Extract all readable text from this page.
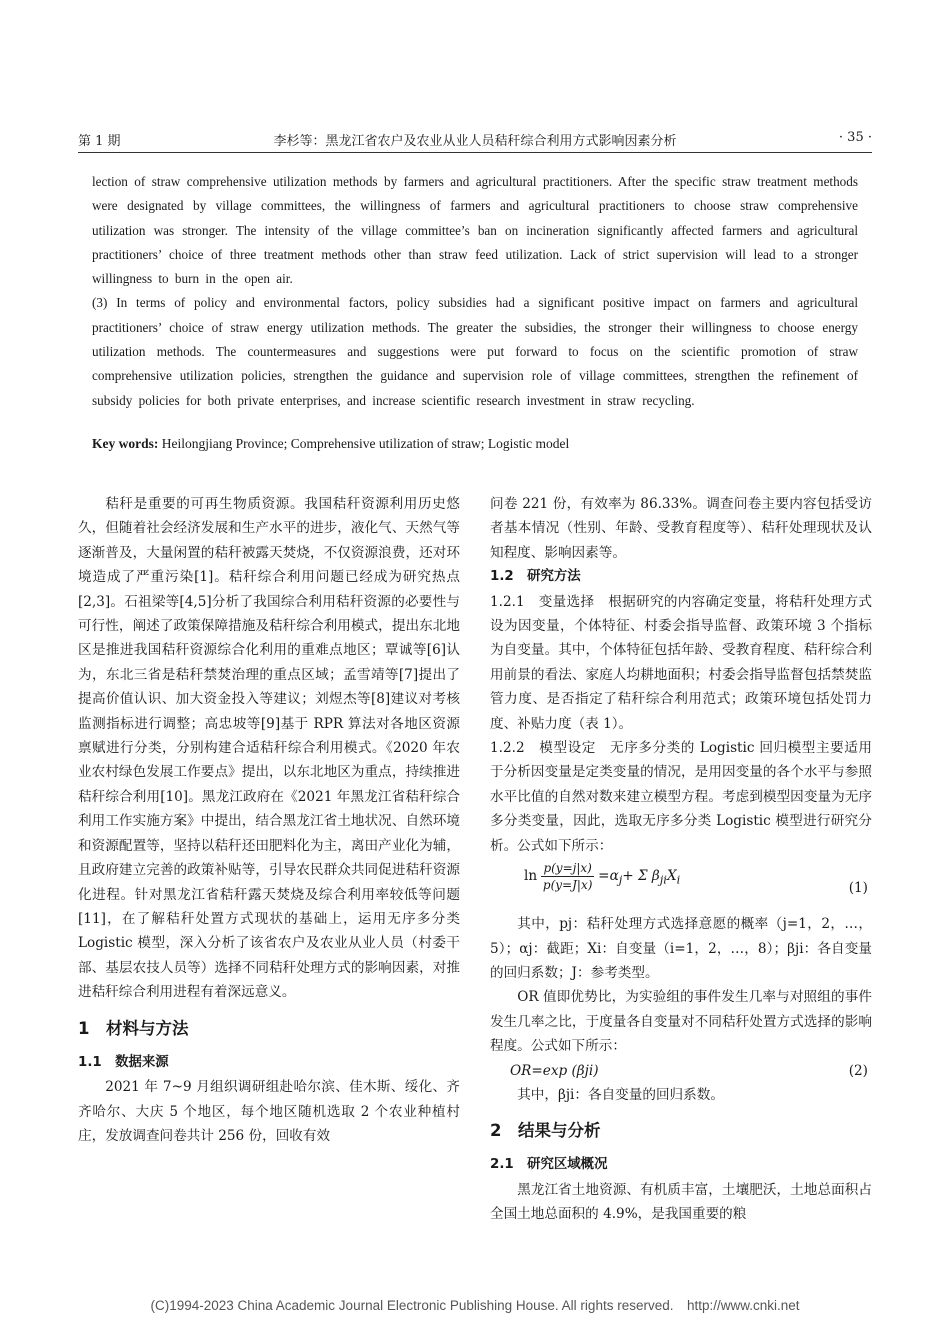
第 1 期	李杉等：黑龙江省农户及农业从业人员秸秆综合利用方式影响因素分析	· 35 ·

lection of straw comprehensive utilization methods by farmers and agricultural practitioners. After the specific straw treatment methods were designated by village committees, the willingness of farmers and agricultural practitioners to choose straw comprehensive utilization was stronger. The intensity of the village committee’s ban on incineration significantly affected farmers and agricultural practitioners’ choice of three treatment methods other than straw feed utilization. Lack of strict supervision will lead to a stronger willingness to burn in the open air.

(3) In terms of policy and environmental factors, policy subsidies had a significant positive impact on farmers and agricultural practitioners’ choice of straw energy utilization methods. The greater the subsidies, the stronger their willingness to choose energy utilization methods. The countermeasures and suggestions were put forward to focus on the scientific promotion of straw comprehensive utilization policies, strengthen the guidance and supervision role of village committees, strengthen the refinement of subsidy policies for both private enterprises, and increase scientific research investment in straw recycling.

Key words: Heilongjiang Province; Comprehensive utilization of straw; Logistic model

秸秆是重要的可再生物质资源。我国秸秆资源利用历史悠久，但随着社会经济发展和生产水平的进步，液化气、天然气等逐渐普及，大量闲置的秸秆被露天焚烧，不仅资源浪费，还对环境造成了严重污染[1]。秸秆综合利用问题已经成为研究热点[2,3]。石祖梁等[4,5]分析了我国综合利用秸秆资源的必要性与可行性，阐述了政策保障措施及秸秆综合利用模式，提出东北地区是推进我国秸秆资源综合化利用的重难点地区；覃诚等[6]认为，东北三省是秸秆禁焚治理的重点区域；孟雪靖等[7]提出了提高价值认识、加大资金投入等建议；刘煜杰等[8]建议对考核监测指标进行调整；高忠坡等[9]基于 RPR 算法对各地区资源禀赋进行分类，分别构建合适秸秆综合利用模式。《2020 年农业农村绿色发展工作要点》提出，以东北地区为重点，持续推进秸秆综合利用[10]。黑龙江政府在《2021 年黑龙江省秸秆综合利用工作实施方案》中提出，结合黑龙江省土地状况、自然环境和资源配置等，坚持以秸秆还田肥料化为主，离田产业化为辅，且政府建立完善的政策补贴等，引导农民群众共同促进秸秆资源化进程。针对黑龙江省秸秆露天焚烧及综合利用率较低等问题[11]，在了解秸秆处置方式现状的基础上，运用无序多分类 Logistic 模型，深入分析了该省农户及农业从业人员（村委干部、基层农技人员等）选择不同秸秆处理方式的影响因素，对推进秸秆综合利用进程有着深远意义。

1　材料与方法
1.1　数据来源

2021 年 7~9 月组织调研组赴哈尔滨、佳木斯、绥化、齐齐哈尔、大庆 5 个地区，每个地区随机选取 2 个农业种植村庄，发放调查问卷共计 256 份，回收有效

问卷 221 份，有效率为 86.33%。调查问卷主要内容包括受访者基本情况（性别、年龄、受教育程度等）、秸秆处理现状及认知程度、影响因素等。

1.2　研究方法

1.2.1　变量选择　根据研究的内容确定变量，将秸秆处理方式设为因变量，个体特征、村委会指导监督、政策环境 3 个指标为自变量。其中，个体特征包括年龄、受教育程度、秸秆综合利用前景的看法、家庭人均耕地面积；村委会指导监督包括禁焚监管力度、是否指定了秸秆综合利用范式；政策环境包括处罚力度、补贴力度（表 1）。

1.2.2　模型设定　无序多分类的 Logistic 回归模型主要适用于分析因变量是定类变量的情况，是用因变量的各个水平与参照水平比值的自然对数来建立模型方程。考虑到模型因变量为无序多分类变量，因此，选取无序多分类 Logistic 模型进行研究分析。公式如下所示：

$\ln \frac{p(y=j|x)}{p(y=J|x)} =\alpha_j+ \Sigma$ $\beta_{ji}X_i$
(1)

其中，pj：秸秆处理方式选择意愿的概率（j=1，2，…，5）；αj：截距；Xi：自变量（i=1，2，…，8）；βji：各自变量的回归系数；J：参考类型。

OR 值即优势比，为实验组的事件发生几率与对照组的事件发生几率之比，于度量各自变量对不同秸秆处置方式选择的影响程度。公式如下所示：

OR=exp (βji)	(2)

其中，βji：各自变量的回归系数。

2　结果与分析
2.1　研究区域概况

黑龙江省土地资源、有机质丰富，土壤肥沃，土地总面积占全国土地总面积的 4.9%，是我国重要的粮

(C)1994-2023 China Academic Journal Electronic Publishing House. All rights reserved.　http://www.cnki.net
